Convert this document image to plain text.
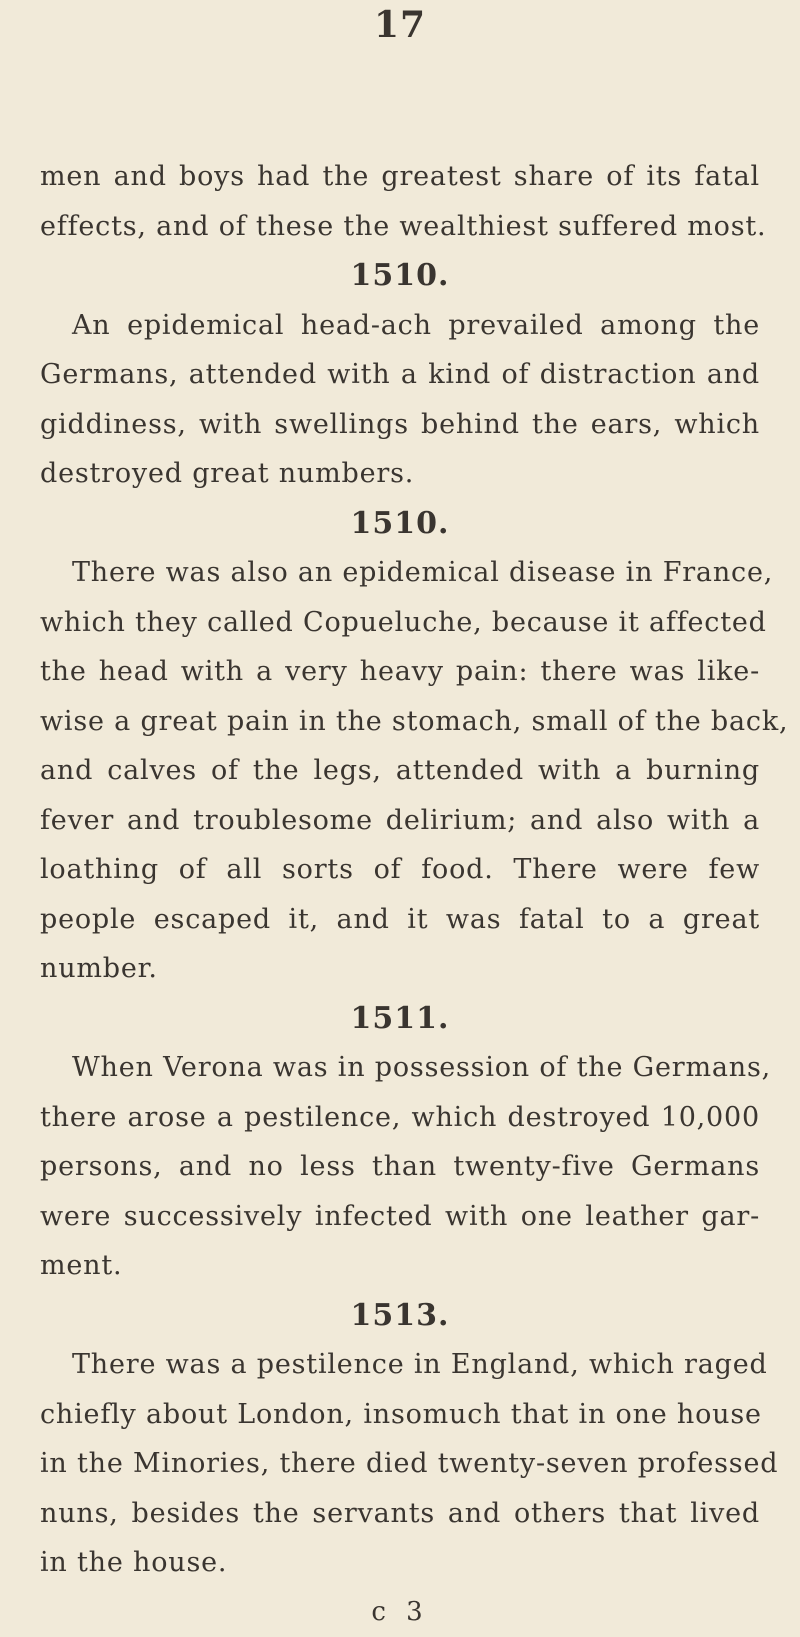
17
men and boys had the greatest share of its fatal
effects, and of these the wealthiest suffered most.
1510.
An epidemical head-ach prevailed among the
Germans, attended with a kind of distraction and
giddiness, with swellings behind the ears, which
destroyed great numbers.
1510.
There was also an epidemical disease in France,
which they called Copueluche, because it affected
the head with a very heavy pain: there was like-
wise a great pain in the stomach, small of the back,
and calves of the legs, attended with a burning
fever and troublesome delirium; and also with a
loathing of all sorts of food. There were few
people escaped it, and it was fatal to a great
number.
1511.
When Verona was in possession of the Germans,
there arose a pestilence, which destroyed 10,000
persons, and no less than twenty-five Germans
were successively infected with one leather gar-
ment.
1513.
There was a pestilence in England, which raged
chiefly about London, insomuch that in one house
in the Minories, there died twenty-seven professed
nuns, besides the servants and others that lived
in the house.
c 3
